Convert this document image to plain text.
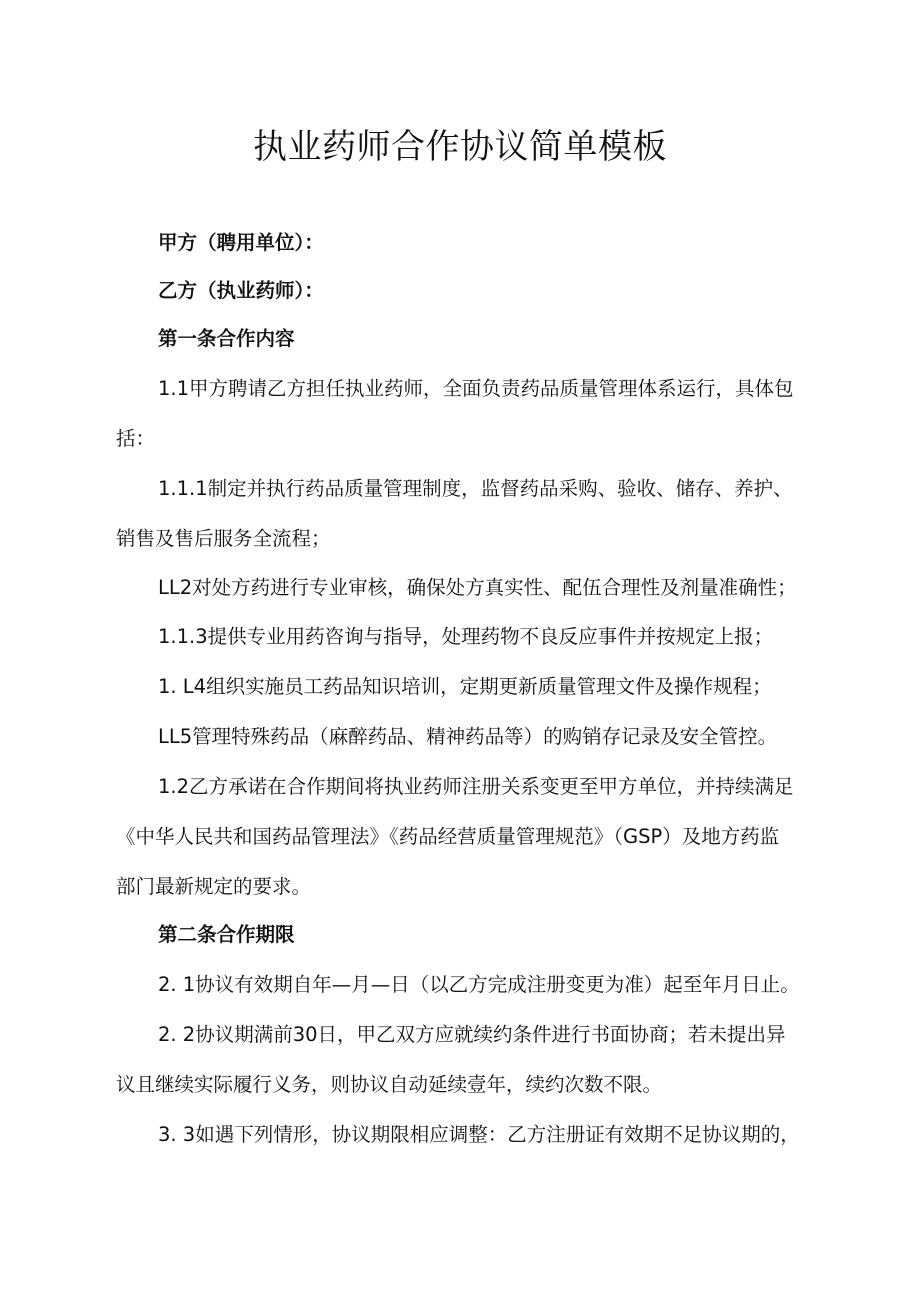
执业药师合作协议简单模板
甲方（聘用单位）：
乙方（执业药师）：
第一条合作内容
1.1甲方聘请乙方担任执业药师，全面负责药品质量管理体系运行，具体包
括：
1.1.1制定并执行药品质量管理制度，监督药品采购、验收、储存、养护、
销售及售后服务全流程；
LL2对处方药进行专业审核，确保处方真实性、配伍合理性及剂量准确性；
1.1.3提供专业用药咨询与指导，处理药物不良反应事件并按规定上报；
1. L4组织实施员工药品知识培训，定期更新质量管理文件及操作规程；
LL5管理特殊药品（麻醉药品、精神药品等）的购销存记录及安全管控。
1.2乙方承诺在合作期间将执业药师注册关系变更至甲方单位，并持续满足
《中华人民共和国药品管理法》《药品经营质量管理规范》（GSP）及地方药监
部门最新规定的要求。
第二条合作期限
2. 1协议有效期自年—月—日（以乙方完成注册变更为准）起至年月日止。
2. 2协议期满前30日，甲乙双方应就续约条件进行书面协商；若未提出异
议且继续实际履行义务，则协议自动延续壹年，续约次数不限。
3. 3如遇下列情形，协议期限相应调整：乙方注册证有效期不足协议期的，
